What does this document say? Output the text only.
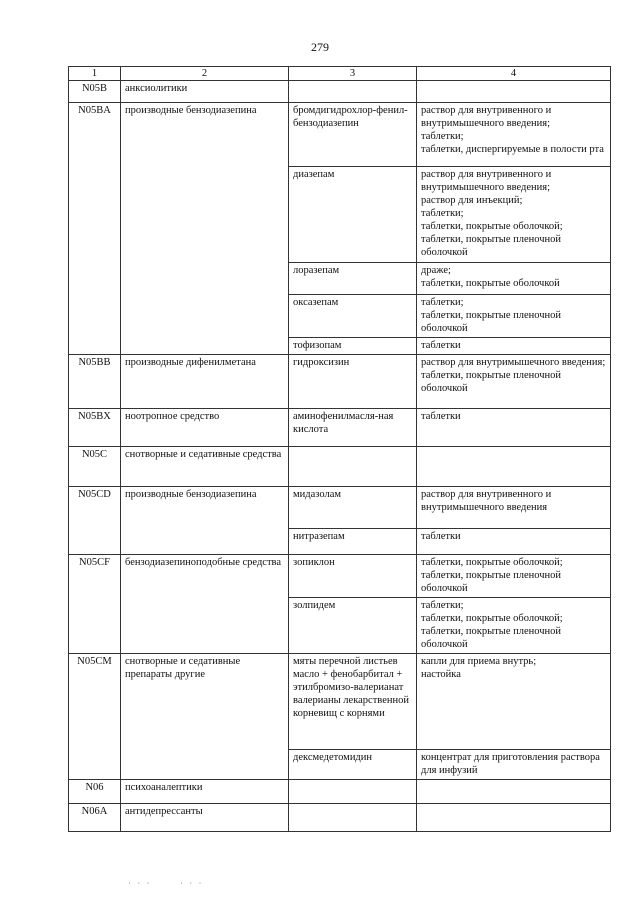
279
1	2	3	4
N05B	анксиолитики		
N05BA	производные бензодиазепина	бромдигидрохлор-фенил-бензодиазепин	раствор для внутривенного и внутримышечного введения;
таблетки;
таблетки, диспергируемые в полости рта
		диазепам	раствор для внутривенного и внутримышечного введения;
раствор для инъекций;
таблетки;
таблетки, покрытые оболочкой;
таблетки, покрытые пленочной оболочкой
		лоразепам	драже;
таблетки, покрытые оболочкой
		оксазепам	таблетки;
таблетки, покрытые пленочной оболочкой
		тофизопам	таблетки
N05BB	производные дифенилметана	гидроксизин	раствор для внутримышечного введения;
таблетки, покрытые пленочной оболочкой
N05BX	ноотропное средство	аминофенилмасля-ная кислота	таблетки
N05C	снотворные и седативные средства		
N05CD	производные бензодиазепина	мидазолам	раствор для внутривенного и внутримышечного введения
		нитразепам	таблетки
N05CF	бензодиазепиноподобные средства	зопиклон	таблетки, покрытые оболочкой;
таблетки, покрытые пленочной оболочкой
		золпидем	таблетки;
таблетки, покрытые оболочкой;
таблетки, покрытые пленочной оболочкой
N05CM	снотворные и седативные препараты другие	мяты перечной листьев масло + фенобарбитал + этилбромизо-валерианат валерианы лекарственной корневищ с корнями	капли для приема внутрь;
настойка
		дексмедетомидин	концентрат для приготовления раствора для инфузий
N06	психоаналептики		
N06A	антидепрессанты		
· · ·	· · ·
